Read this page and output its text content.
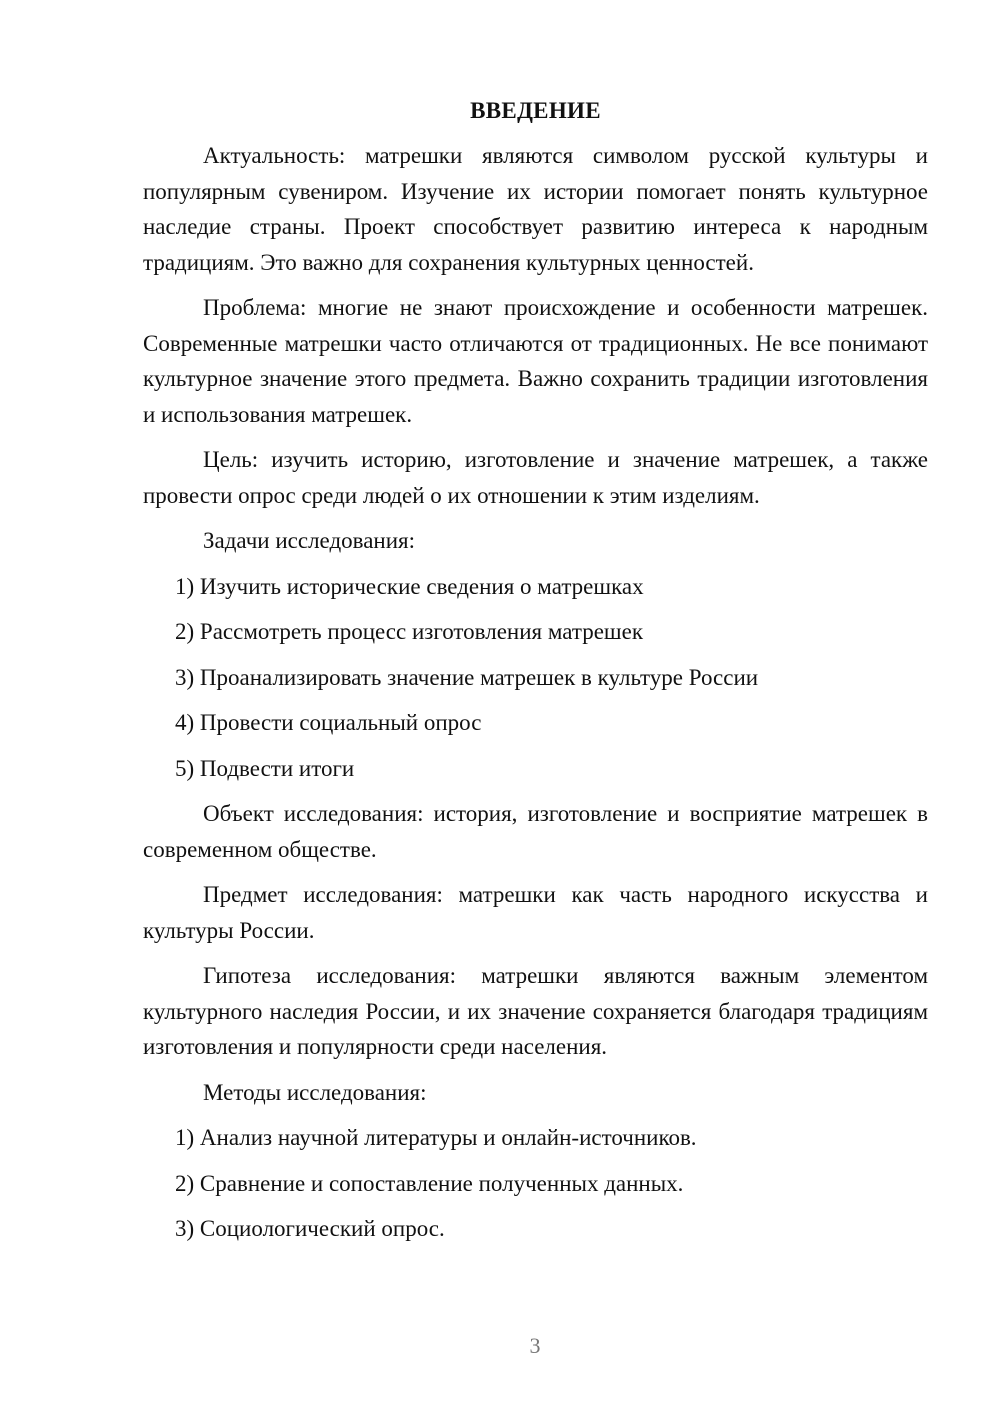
ВВЕДЕНИЕ

Актуальность: матрешки являются символом русской культуры и популярным сувениром. Изучение их истории помогает понять культурное наследие страны. Проект способствует развитию интереса к народным традициям. Это важно для сохранения культурных ценностей.

Проблема: многие не знают происхождение и особенности матрешек. Современные матрешки часто отличаются от традиционных. Не все понимают культурное значение этого предмета. Важно сохранить традиции изготовления и использования матрешек.

Цель: изучить историю, изготовление и значение матрешек, а также провести опрос среди людей о их отношении к этим изделиям.

Задачи исследования:
1) Изучить исторические сведения о матрешках
2) Рассмотреть процесс изготовления матрешек
3) Проанализировать значение матрешек в культуре России
4) Провести социальный опрос
5) Подвести итоги

Объект исследования: история, изготовление и восприятие матрешек в современном обществе.

Предмет исследования: матрешки как часть народного искусства и культуры России.

Гипотеза исследования: матрешки являются важным элементом культурного наследия России, и их значение сохраняется благодаря традициям изготовления и популярности среди населения.

Методы исследования:
1) Анализ научной литературы и онлайн-источников.
2) Сравнение и сопоставление полученных данных.
3) Социологический опрос.
3
